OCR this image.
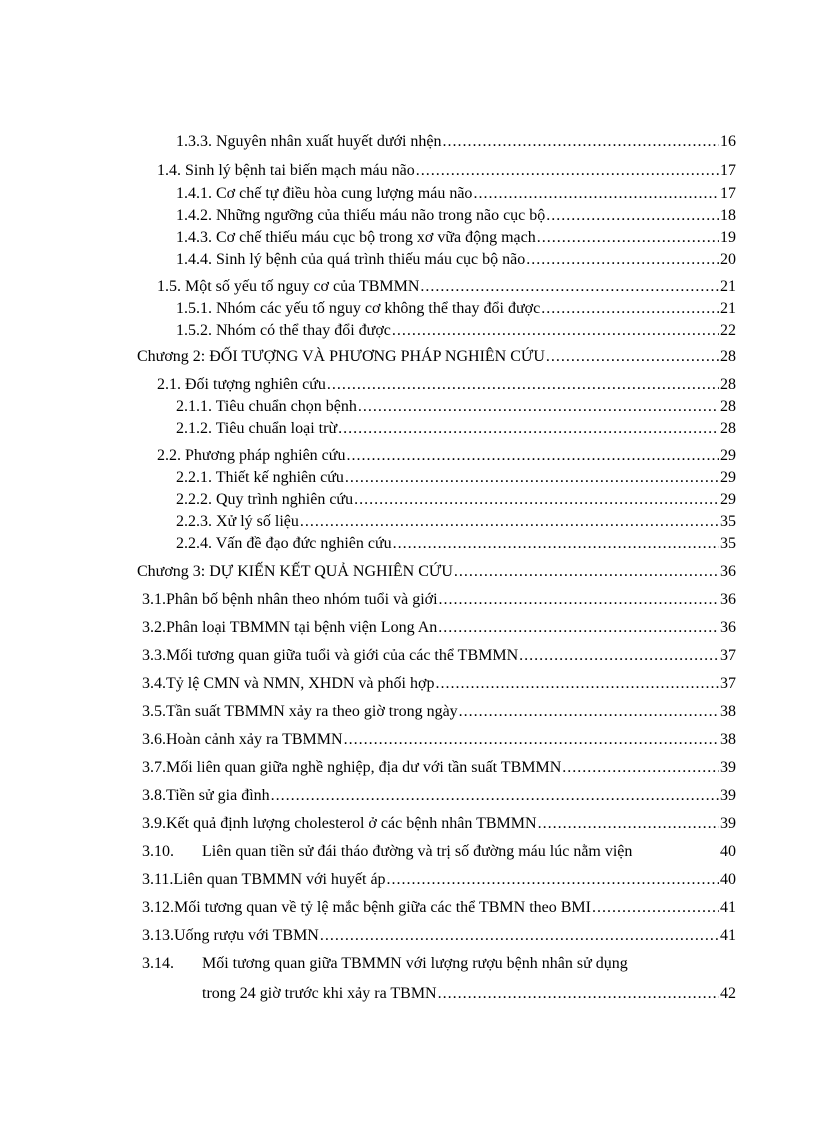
1.3.3. Nguyên nhân xuất huyết dưới nhện .....	16
1.4. Sinh lý bệnh tai biến mạch máu não .....	17
1.4.1. Cơ chế tự điều hòa cung lượng máu não .....	17
1.4.2. Những ngưỡng của thiếu máu não trong não cục bộ .....	18
1.4.3. Cơ chế thiếu máu cục bộ trong xơ vữa động mạch .....	19
1.4.4. Sinh lý bệnh của quá trình thiếu máu cục bộ não .....	20
1.5. Một số yếu tố nguy cơ của TBMMN .....	21
1.5.1. Nhóm các yếu tố nguy cơ không thể thay đổi được .....	21
1.5.2. Nhóm có thể thay đổi được .....	22
Chương 2: ĐỐI TƯỢNG VÀ PHƯƠNG PHÁP NGHIÊN CỨU .....	28
2.1. Đối tượng nghiên cứu .....	28
2.1.1. Tiêu chuẩn chọn bệnh .....	28
2.1.2. Tiêu chuẩn loại trừ .....	28
2.2. Phương pháp nghiên cứu .....	29
2.2.1. Thiết kế nghiên cứu .....	29
2.2.2. Quy trình nghiên cứu .....	29
2.2.3. Xử lý số liệu .....	35
2.2.4. Vấn đề đạo đức nghiên cứu .....	35
Chương 3: DỰ KIẾN KẾT QUẢ NGHIÊN CỨU .....	36
3.1. Phân bố bệnh nhân theo nhóm tuổi và giới .....	36
3.2. Phân loại TBMMN tại bệnh viện Long An .....	36
3.3. Mối tương quan giữa tuổi và giới của các thể TBMMN .....	37
3.4. Tỷ lệ CMN và NMN, XHDN và phối hợp .....	37
3.5. Tần suất TBMMN xảy ra theo giờ trong ngày .....	38
3.6. Hoàn cảnh xảy ra TBMMN .....	38
3.7. Mối liên quan giữa nghề nghiệp, địa dư với tần suất TBMMN .....	39
3.8. Tiền sử gia đình .....	39
3.9. Kết quả định lượng cholesterol ở các bệnh nhân TBMMN .....	39
3.10.	Liên quan tiền sử đái tháo đường và trị số đường máu lúc nằm viện	40
3.11. Liên quan TBMMN với huyết áp .....	40
3.12. Mối tương quan về tỷ lệ mắc bệnh giữa các thể TBMN theo BMI .....	41
3.13. Uống rượu với TBMN .....	41
3.14.	Mối tương quan giữa TBMMN với lượng rượu bệnh nhân sử dụng
trong 24 giờ trước khi xảy ra TBMN .....	42
